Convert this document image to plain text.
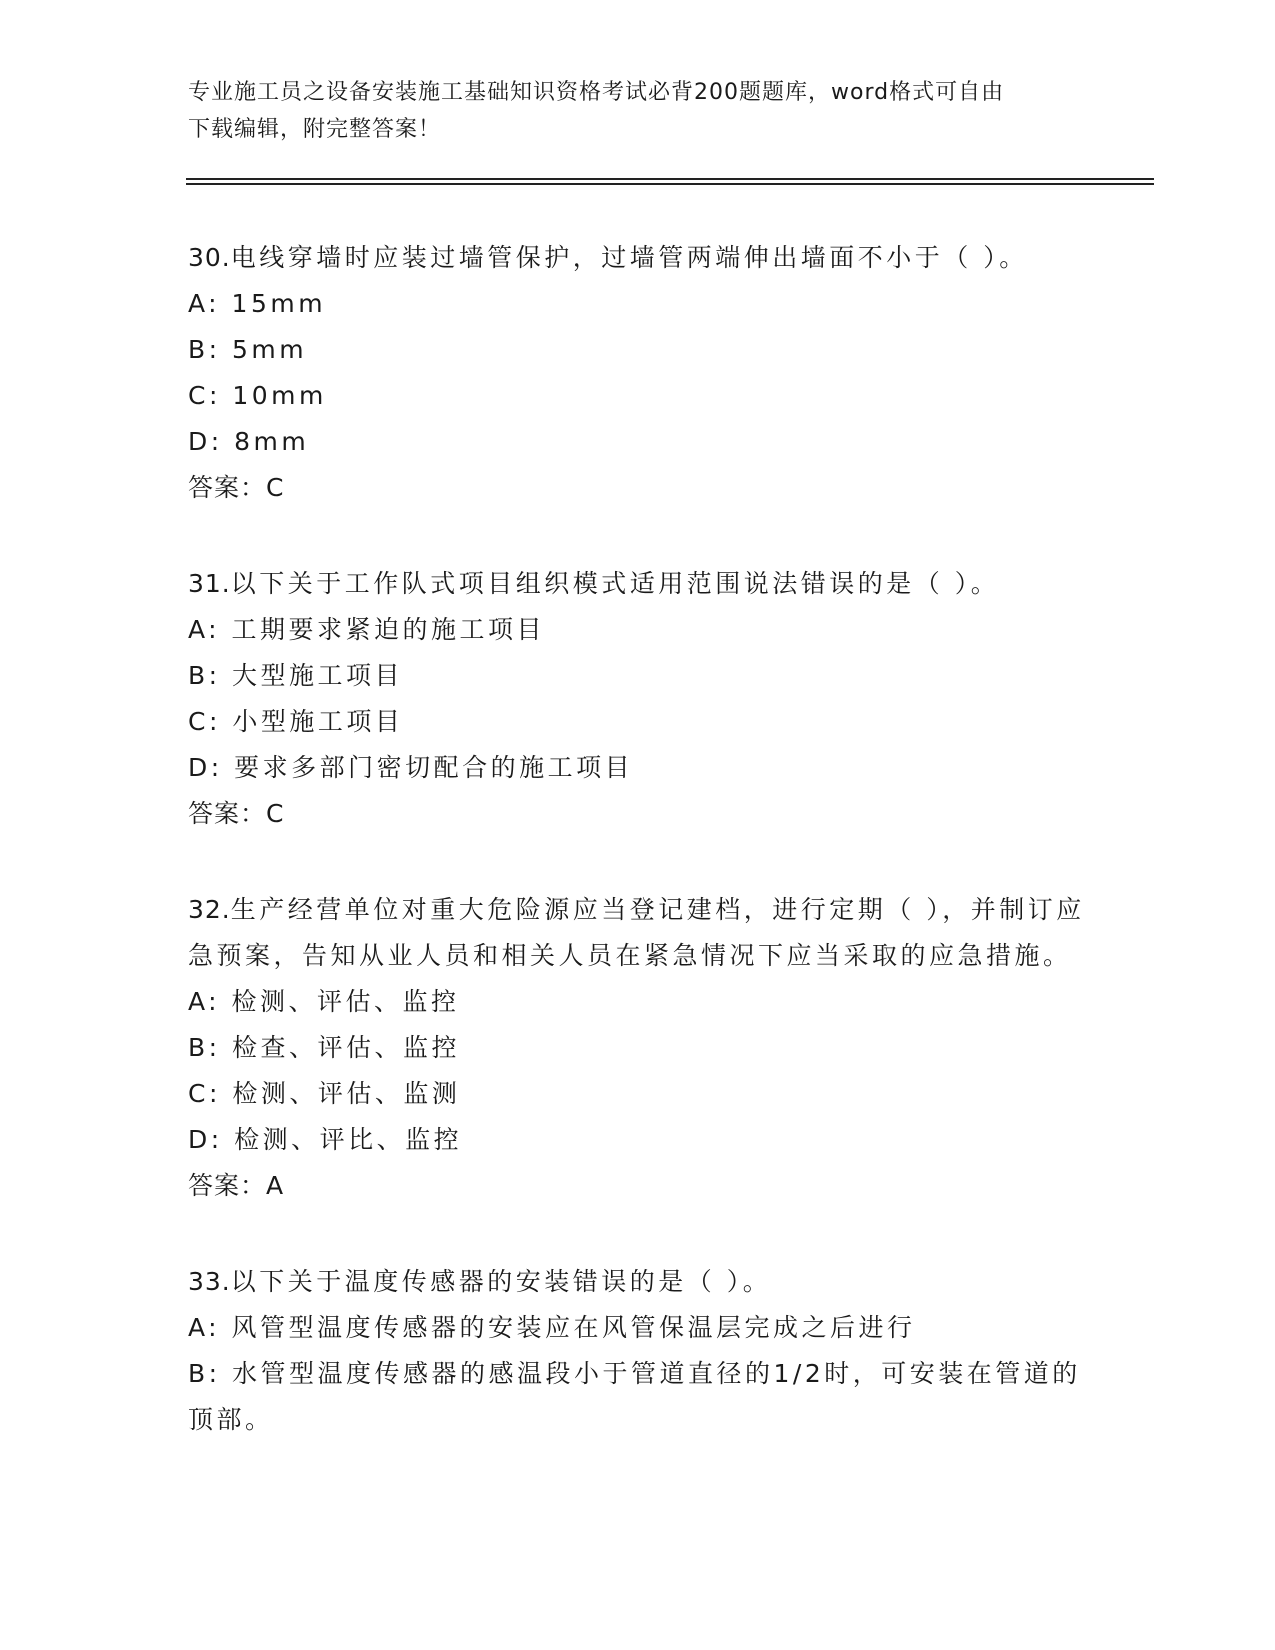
专业施工员之设备安装施工基础知识资格考试必背200题题库，word格式可自由
下载编辑，附完整答案！
30.电线穿墙时应装过墙管保护，过墙管两端伸出墙面不小于（ ）。
A: 15mm
B: 5mm
C: 10mm
D: 8mm
答案：C
31.以下关于工作队式项目组织模式适用范围说法错误的是（ ）。
A: 工期要求紧迫的施工项目
B: 大型施工项目
C: 小型施工项目
D: 要求多部门密切配合的施工项目
答案：C
32.生产经营单位对重大危险源应当登记建档，进行定期（ ），并制订应急预案，告知从业人员和相关人员在紧急情况下应当采取的应急措施。
A: 检测、评估、监控
B: 检查、评估、监控
C: 检测、评估、监测
D: 检测、评比、监控
答案：A
33.以下关于温度传感器的安装错误的是（ ）。
A: 风管型温度传感器的安装应在风管保温层完成之后进行
B: 水管型温度传感器的感温段小于管道直径的1/2时，可安装在管道的顶部。
